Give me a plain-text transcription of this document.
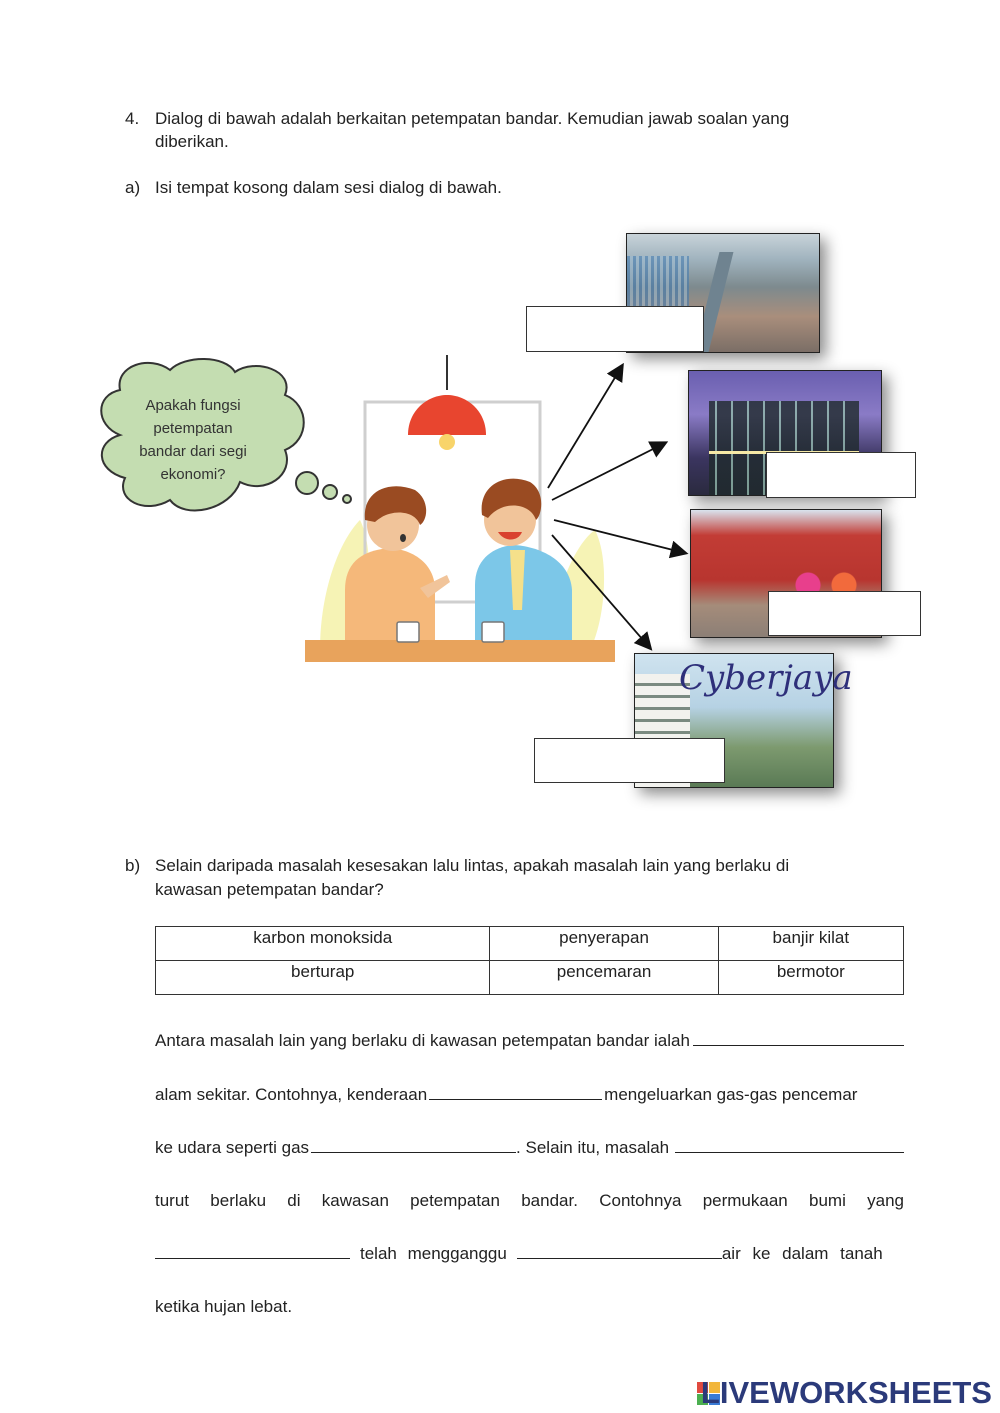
4. Dialog di bawah adalah berkaitan petempatan bandar. Kemudian jawab soalan yang
diberikan.
a) Isi tempat kosong dalam sesi dialog di bawah.
Apakah fungsi petempatan bandar dari segi ekonomi?
Cyberjaya
b) Selain daripada masalah kesesakan lalu lintas, apakah masalah lain yang berlaku di
kawasan petempatan bandar?
karbon monoksida	penyerapan	banjir kilat
berturap	pencemaran	bermotor
Antara masalah lain yang berlaku di kawasan petempatan bandar ialah
alam sekitar. Contohnya, kenderaan	mengeluarkan gas-gas pencemar
ke udara seperti gas	. Selain itu, masalah
turut berlaku di kawasan petempatan bandar. Contohnya permukaan bumi yang
telah mengganggu	air ke dalam tanah
ketika hujan lebat.
LIVEWORKSHEETS
